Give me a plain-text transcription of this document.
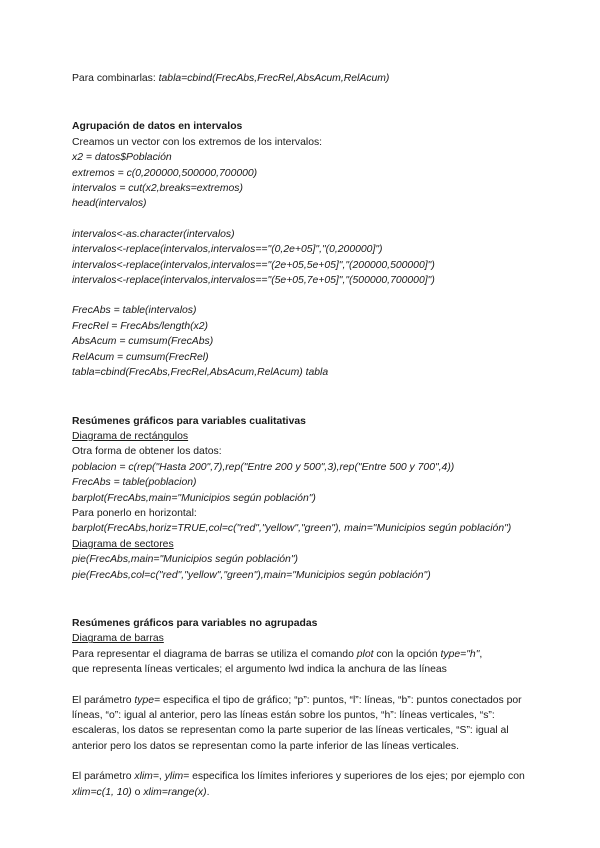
Para combinarlas: tabla=cbind(FrecAbs,FrecRel,AbsAcum,RelAcum)
Agrupación de datos en intervalos
Creamos un vector con los extremos de los intervalos:
x2 = datos$Población
extremos = c(0,200000,500000,700000)
intervalos = cut(x2,breaks=extremos)
head(intervalos)
intervalos<-as.character(intervalos)
intervalos<-replace(intervalos,intervalos=="(0,2e+05]","(0,200000]")
intervalos<-replace(intervalos,intervalos=="(2e+05,5e+05]","(200000,500000]")
intervalos<-replace(intervalos,intervalos=="(5e+05,7e+05]","(500000,700000]")
FrecAbs = table(intervalos)
FrecRel = FrecAbs/length(x2)
AbsAcum = cumsum(FrecAbs)
RelAcum = cumsum(FrecRel)
tabla=cbind(FrecAbs,FrecRel,AbsAcum,RelAcum) tabla
Resúmenes gráficos para variables cualitativas
Diagrama de rectángulos
Otra forma de obtener los datos:
poblacion = c(rep("Hasta 200",7),rep("Entre 200 y 500",3),rep("Entre 500 y 700",4))
FrecAbs = table(poblacion)
barplot(FrecAbs,main="Municipios según población")
Para ponerlo en horizontal:
barplot(FrecAbs,horiz=TRUE,col=c("red","yellow","green"), main="Municipios según población")
Diagrama de sectores
pie(FrecAbs,main="Municipios según población")
pie(FrecAbs,col=c("red","yellow","green"),main="Municipios según población")
Resúmenes gráficos para variables no agrupadas
Diagrama de barras
Para representar el diagrama de barras se utiliza el comando plot con la opción type="h",
que representa líneas verticales; el argumento lwd indica la anchura de las líneas
El parámetro type= especifica el tipo de gráfico; “p”: puntos, “l”: líneas, “b”: puntos conectados por líneas, “o”: igual al anterior, pero las líneas están sobre los puntos, “h”: líneas verticales, “s”: escaleras, los datos se representan como la parte superior de las líneas verticales, “S”: igual al anterior pero los datos se representan como la parte inferior de las líneas verticales.
El parámetro xlim=, ylim= especifica los límites inferiores y superiores de los ejes; por ejemplo con xlim=c(1, 10) o xlim=range(x).
